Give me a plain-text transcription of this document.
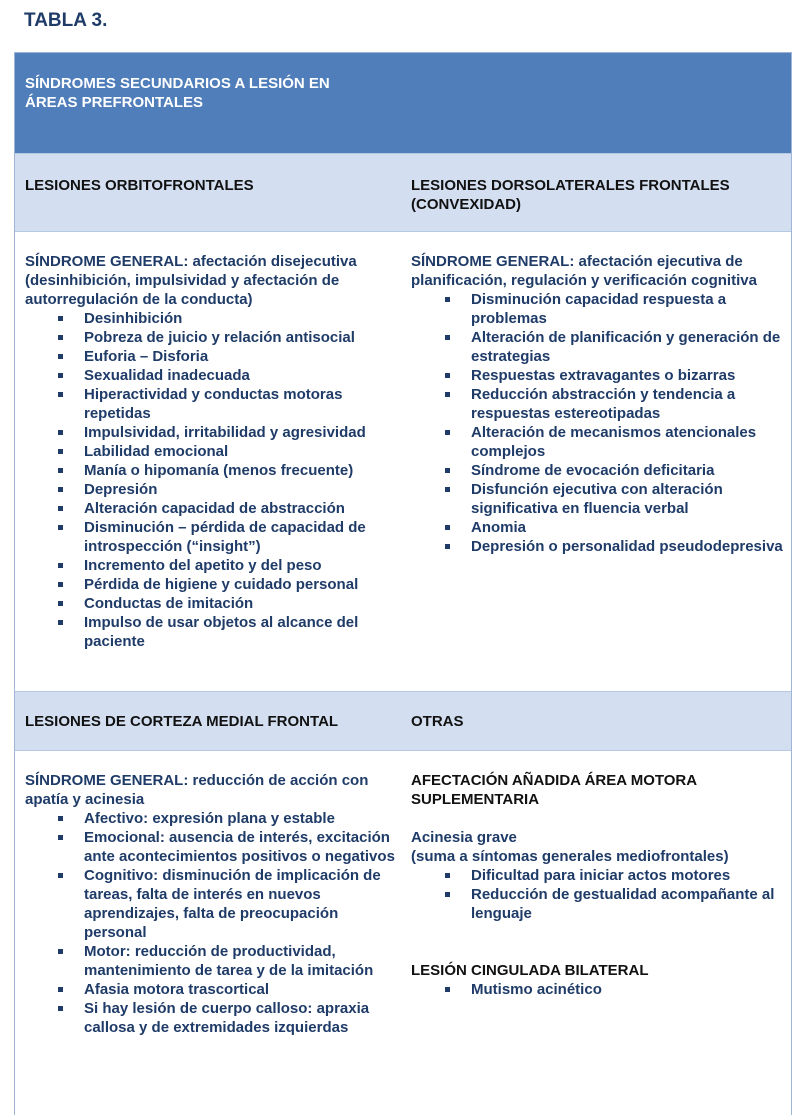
TABLA 3.
SÍNDROMES SECUNDARIOS A LESIÓN EN ÁREAS PREFRONTALES
LESIONES ORBITOFRONTALES	LESIONES DORSOLATERALES FRONTALES (CONVEXIDAD)
SÍNDROME GENERAL: afectación disejecutiva (desinhibición, impulsividad y afectación de autorregulación de la conducta)
Desinhibición
Pobreza de juicio y relación antisocial
Euforia – Disforia
Sexualidad inadecuada
Hiperactividad y conductas motoras repetidas
Impulsividad, irritabilidad y agresividad
Labilidad emocional
Manía o hipomanía (menos frecuente)
Depresión
Alteración capacidad de abstracción
Disminución – pérdida de capacidad de introspección (“insight”)
Incremento del apetito y del peso
Pérdida de higiene y cuidado personal
Conductas de imitación
Impulso de usar objetos al alcance del paciente
SÍNDROME GENERAL: afectación ejecutiva de planificación, regulación y verificación cognitiva
Disminución capacidad respuesta a problemas
Alteración de planificación y generación de estrategias
Respuestas extravagantes o bizarras
Reducción abstracción y tendencia a respuestas estereotipadas
Alteración de mecanismos atencionales complejos
Síndrome de evocación deficitaria
Disfunción ejecutiva con alteración significativa en fluencia verbal
Anomia
Depresión o personalidad pseudodepresiva
LESIONES DE CORTEZA MEDIAL FRONTAL	OTRAS
SÍNDROME GENERAL: reducción de acción con apatía y acinesia
Afectivo: expresión plana y estable
Emocional: ausencia de interés, excitación ante acontecimientos positivos o negativos
Cognitivo: disminución de implicación de tareas, falta de interés en nuevos aprendizajes, falta de preocupación personal
Motor: reducción de productividad, mantenimiento de tarea y de la imitación
Afasia motora trascortical
Si hay lesión de cuerpo calloso: apraxia callosa y de extremidades izquierdas
AFECTACIÓN AÑADIDA ÁREA MOTORA SUPLEMENTARIA
Acinesia grave
(suma a síntomas generales mediofrontales)
Dificultad para iniciar actos motores
Reducción de gestualidad acompañante al lenguaje
LESIÓN CINGULADA BILATERAL
Mutismo acinético
